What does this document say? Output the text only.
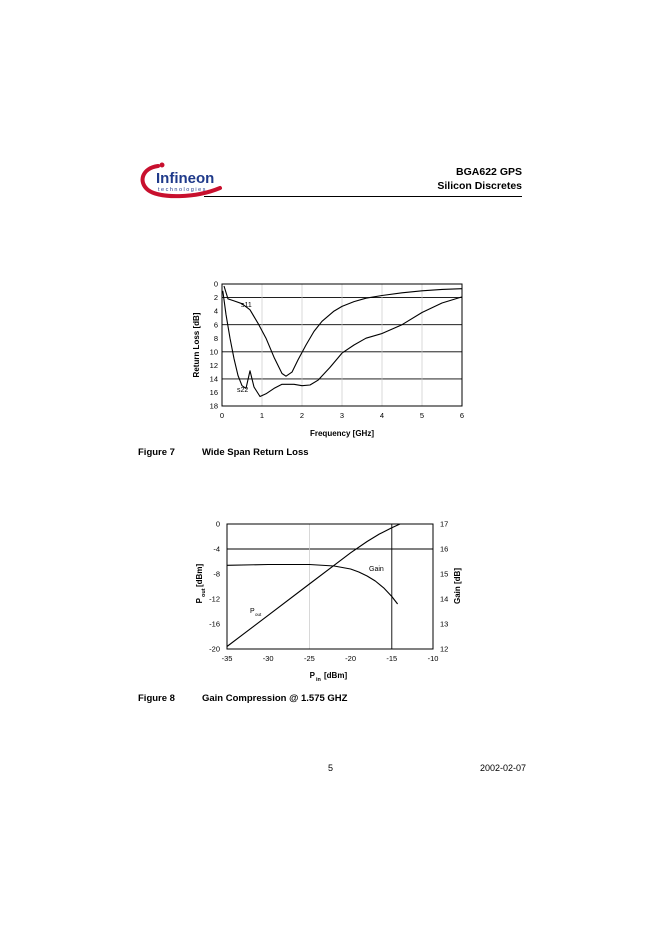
Infineon
technologies
BGA622 GPS
Silicon Discretes
0
2
4
6
8
10
12
14
16
18
0	1	2	3	4	5	6
s11
s22
Frequency [GHz]
Return Loss [dB]
Figure 7	Wide Span Return Loss
0
-4
-8
-12
-16
-20
17
16
15
14
13
12
-35	-30	-25	-20	-15	-10
Gain
P out
P in [dBm]
P
out
[dBm]	Gain [dB]
Figure 8	Gain Compression @ 1.575 GHZ
5	2002-02-07
